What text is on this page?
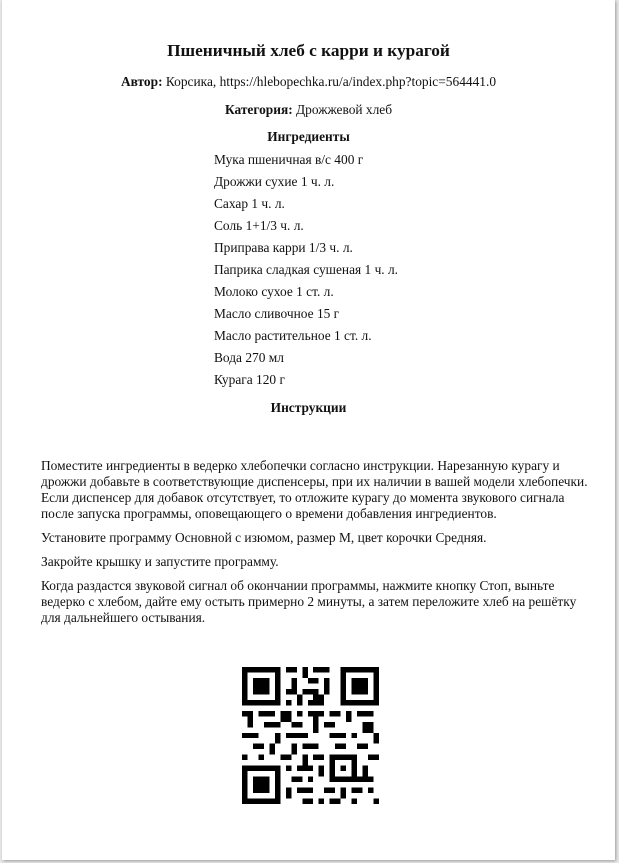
Пшеничный хлеб с карри и курагой
Автор: Корсика, https://hlebopechka.ru/a/index.php?topic=564441.0
Категория: Дрожжевой хлеб
Ингредиенты
Мука пшеничная в/с 400 г
Дрожжи сухие 1 ч. л.
Сахар 1 ч. л.
Соль 1+1/3 ч. л.
Приправа карри 1/3 ч. л.
Паприка сладкая сушеная 1 ч. л.
Молоко сухое 1 ст. л.
Масло сливочное 15 г
Масло растительное 1 ст. л.
Вода 270 мл
Курага 120 г
Инструкции

Поместите ингредиенты в ведерко хлебопечки согласно инструкции. Нарезанную курагу и дрожжи добавьте в соответствующие диспенсеры, при их наличии в вашей модели хлебопечки. Если диспенсер для добавок отсутствует, то отложите курагу до момента звукового сигнала после запуска программы, оповещающего о времени добавления ингредиентов.

Установите программу Основной с изюмом, размер M, цвет корочки Средняя.

Закройте крышку и запустите программу.

Когда раздастся звуковой сигнал об окончании программы, нажмите кнопку Стоп, выньте ведерко с хлебом, дайте ему остыть примерно 2 минуты, а затем переложите хлеб на решётку для дальнейшего остывания.
